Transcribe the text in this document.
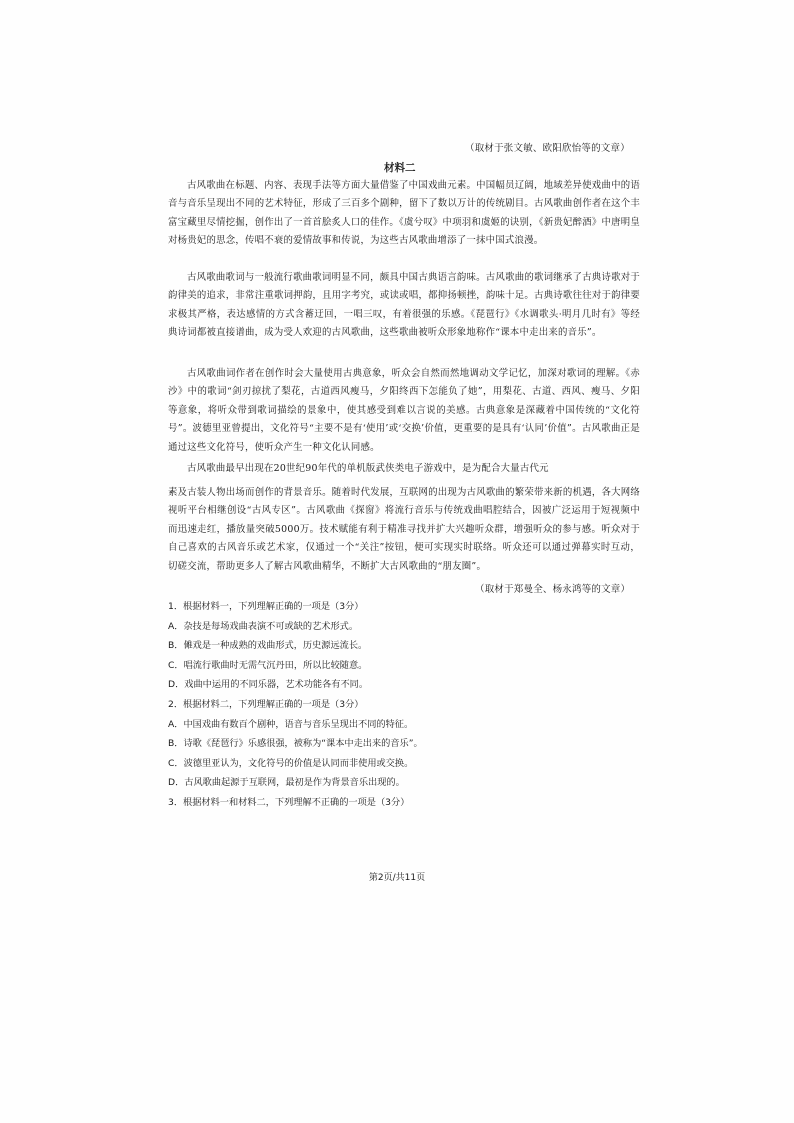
（取材于张文敏、欧阳欣怡等的文章）
材料二
古风歌曲在标题、内容、表现手法等方面大量借鉴了中国戏曲元素。中国幅员辽阔，地域差异使戏曲中的语音与音乐呈现出不同的艺术特征，形成了三百多个剧种，留下了数以万计的传统剧目。古风歌曲创作者在这个丰富宝藏里尽情挖掘，创作出了一首首脍炙人口的佳作。《虞兮叹》中项羽和虞姬的诀别，《新贵妃醉酒》中唐明皇对杨贵妃的思念，传唱不衰的爱情故事和传说，为这些古风歌曲增添了一抹中国式浪漫。
古风歌曲歌词与一般流行歌曲歌词明显不同，颇具中国古典语言韵味。古风歌曲的歌词继承了古典诗歌对于韵律美的追求，非常注重歌词押韵，且用字考究，或读或唱，都抑扬顿挫，韵味十足。古典诗歌往往对于韵律要求极其严格，表达感情的方式含蓄迂回，一唱三叹，有着很强的乐感。《琵琶行》《水调歌头·明月几时有》等经典诗词都被直接谱曲，成为受人欢迎的古风歌曲，这些歌曲被听众形象地称作“课本中走出来的音乐”。
古风歌曲词作者在创作时会大量使用古典意象，听众会自然而然地调动文学记忆，加深对歌词的理解。《赤沙》中的歌词“剑刃掠扰了梨花，古道西风瘦马，夕阳终西下怎能负了她”，用梨花、古道、西风、瘦马、夕阳等意象，将听众带到歌词描绘的景象中，使其感受到难以言说的美感。古典意象是深藏着中国传统的“文化符号”。波德里亚曾提出，文化符号“主要不是有‘使用’或‘交换’价值，更重要的是具有‘认同’价值”。古风歌曲正是通过这些文化符号，使听众产生一种文化认同感。
古风歌曲最早出现在20世纪90年代的单机版武侠类电子游戏中，是为配合大量古代元
素及古装人物出场而创作的背景音乐。随着时代发展，互联网的出现为古风歌曲的繁荣带来新的机遇，各大网络视听平台相继创设“古风专区”。古风歌曲《探窗》将流行音乐与传统戏曲唱腔结合，因被广泛运用于短视频中而迅速走红，播放量突破5000万。技术赋能有利于精准寻找并扩大兴趣听众群，增强听众的参与感。听众对于自己喜欢的古风音乐或艺术家，仅通过一个“关注”按钮，便可实现实时联络。听众还可以通过弹幕实时互动，切磋交流，帮助更多人了解古风歌曲精华，不断扩大古风歌曲的“朋友圈”。
（取材于郑曼全、杨永鸿等的文章）
1．根据材料一，下列理解正确的一项是（3分）
A．杂技是每场戏曲表演不可或缺的艺术形式。
B．傩戏是一种成熟的戏曲形式，历史源远流长。
C．唱流行歌曲时无需气沉丹田，所以比较随意。
D．戏曲中运用的不同乐器，艺术功能各有不同。
2．根据材料二，下列理解正确的一项是（3分）
A．中国戏曲有数百个剧种，语音与音乐呈现出不同的特征。
B．诗歌《琵琶行》乐感很强，被称为“课本中走出来的音乐”。
C．波德里亚认为，文化符号的价值是认同而非使用或交换。
D．古风歌曲起源于互联网，最初是作为背景音乐出现的。
3．根据材料一和材料二，下列理解不正确的一项是（3分）
第2页/共11页
